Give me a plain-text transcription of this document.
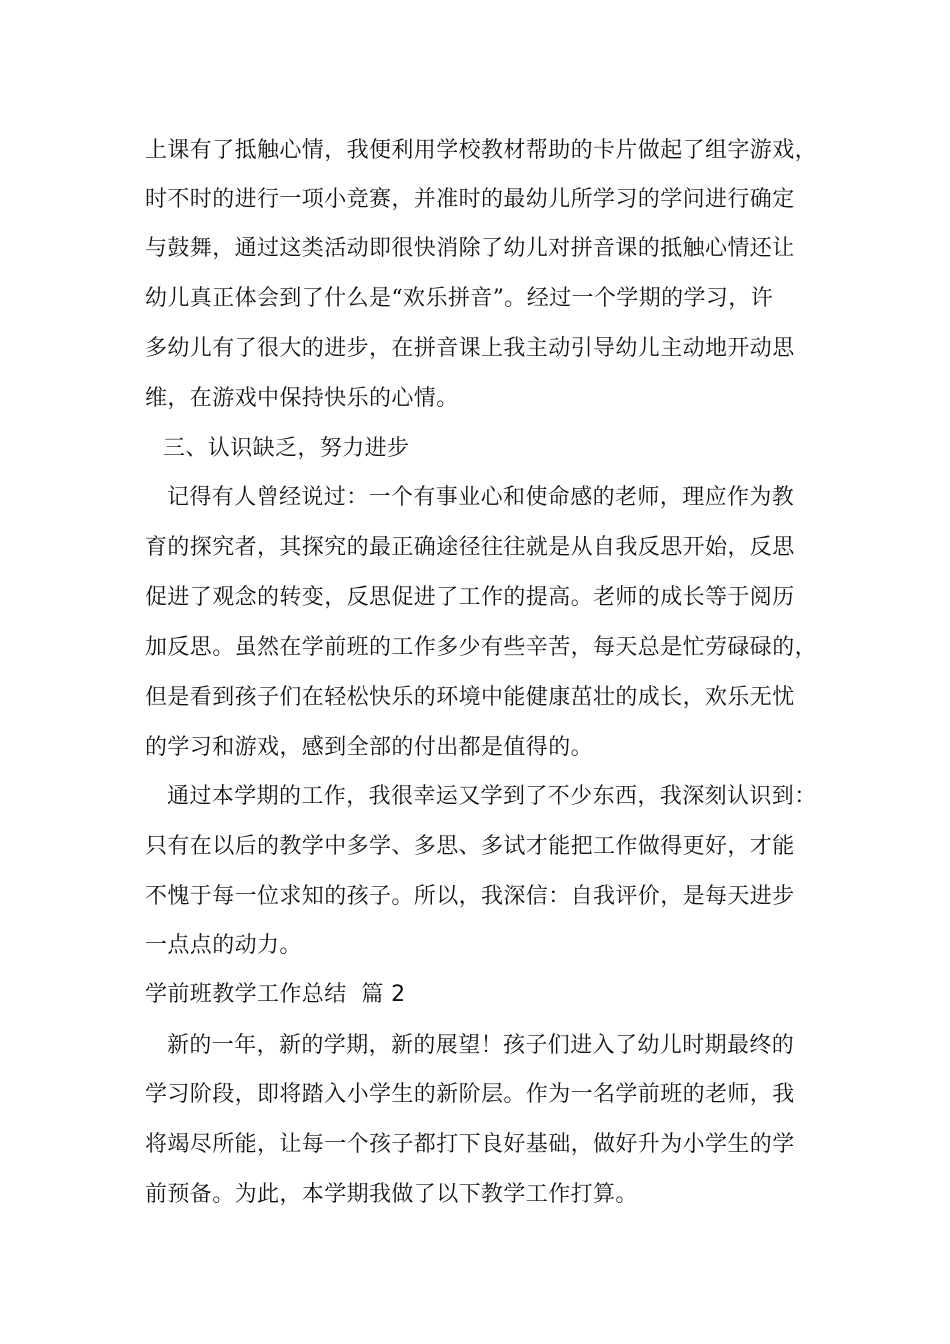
上课有了抵触心情，我便利用学校教材帮助的卡片做起了组字游戏，
时不时的进行一项小竞赛，并准时的最幼儿所学习的学问进行确定
与鼓舞，通过这类活动即很快消除了幼儿对拼音课的抵触心情还让
幼儿真正体会到了什么是“欢乐拼音”。经过一个学期的学习，许
多幼儿有了很大的进步，在拼音课上我主动引导幼儿主动地开动思
维，在游戏中保持快乐的心情。
三、认识缺乏，努力进步
记得有人曾经说过：一个有事业心和使命感的老师，理应作为教
育的探究者，其探究的最正确途径往往就是从自我反思开始，反思
促进了观念的转变，反思促进了工作的提高。老师的成长等于阅历
加反思。虽然在学前班的工作多少有些辛苦，每天总是忙劳碌碌的，
但是看到孩子们在轻松快乐的环境中能健康茁壮的成长，欢乐无忧
的学习和游戏，感到全部的付出都是值得的。
通过本学期的工作，我很幸运又学到了不少东西，我深刻认识到：
只有在以后的教学中多学、多思、多试才能把工作做得更好，才能
不愧于每一位求知的孩子。所以，我深信：自我评价，是每天进步
一点点的动力。
学前班教学工作总结  篇 2
新的一年，新的学期，新的展望！孩子们进入了幼儿时期最终的
学习阶段，即将踏入小学生的新阶层。作为一名学前班的老师，我
将竭尽所能，让每一个孩子都打下良好基础，做好升为小学生的学
前预备。为此，本学期我做了以下教学工作打算。
